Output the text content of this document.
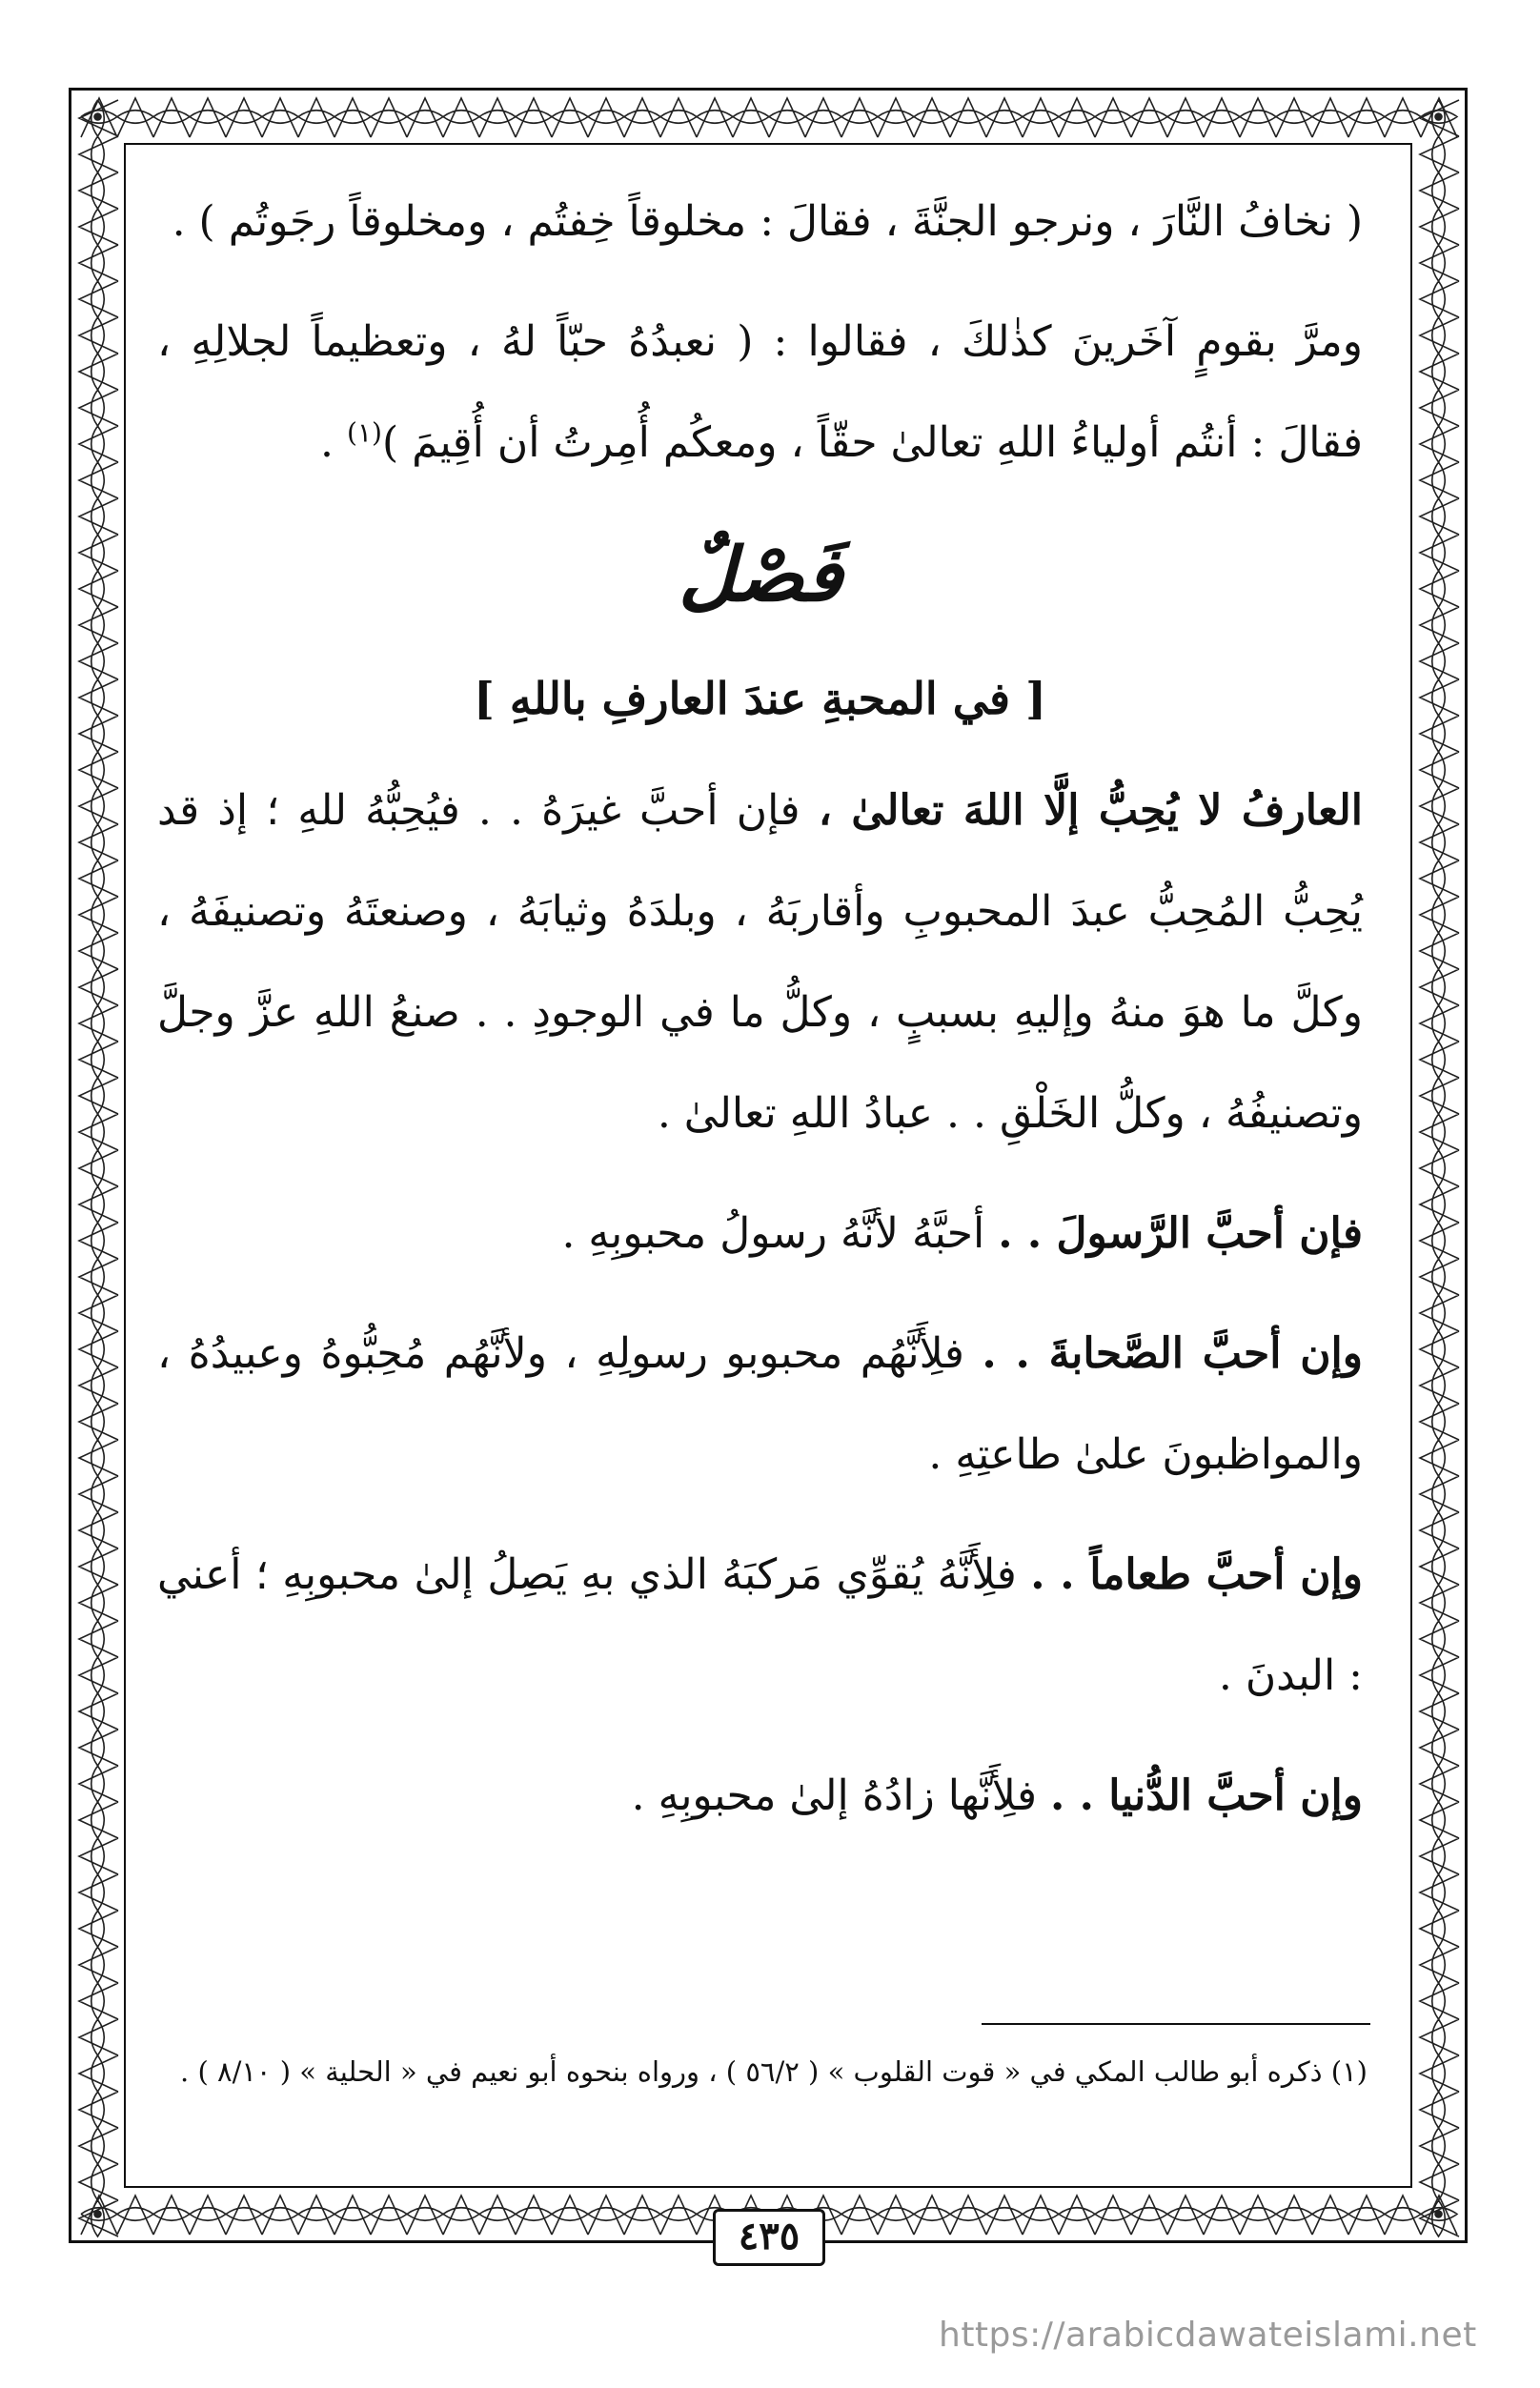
( نخافُ النَّارَ ، ونرجو الجنَّةَ ، فقالَ : مخلوقاً خِفتُم ، ومخلوقاً رجَوتُم ) .

ومرَّ بقومٍ آخَرينَ كذٰلكَ ، فقالوا : ( نعبدُهُ حبّاً لهُ ، وتعظيماً لجلالِهِ ، فقالَ : أنتُم أولياءُ اللهِ تعالىٰ حقّاً ، ومعكُم أُمِرتُ أن أُقِيمَ )$^{(١)}$ .

فَصْلٌ

[ في المحبةِ عندَ العارفِ باللهِ ]

العارفُ لا يُحِبُّ إلَّا اللهَ تعالىٰ ، فإن أحبَّ غيرَهُ . . فيُحِبُّهُ للهِ ؛ إذ قد يُحِبُّ المُحِبُّ عبدَ المحبوبِ وأقاربَهُ ، وبلدَهُ وثيابَهُ ، وصنعتَهُ وتصنيفَهُ ، وكلَّ ما هوَ منهُ وإليهِ بسببٍ ، وكلُّ ما في الوجودِ . . صنعُ اللهِ عزَّ وجلَّ وتصنيفُهُ ، وكلُّ الخَلْقِ . . عبادُ اللهِ تعالىٰ .

فإن أحبَّ الرَّسولَ . . أحبَّهُ لأنَّهُ رسولُ محبوبِهِ .

وإن أحبَّ الصَّحابةَ . . فلِأَنَّهُم محبوبو رسولِهِ ، ولأنَّهُم مُحِبُّوهُ وعبيدُهُ ، والمواظبونَ علىٰ طاعتِهِ .

وإن أحبَّ طعاماً . . فلِأَنَّهُ يُقوِّي مَركبَهُ الذي بهِ يَصِلُ إلىٰ محبوبِهِ ؛ أعني : البدنَ .

وإن أحبَّ الدُّنيا . . فلِأَنَّها زادُهُ إلىٰ محبوبِهِ .

(١) ذكره أبو طالب المكي في « قوت القلوب » ( ٥٦/٢ ) ، ورواه بنحوه أبو نعيم في « الحلية » ( ٨/١٠ ) .
٤٣٥
https://arabicdawateislami.net
